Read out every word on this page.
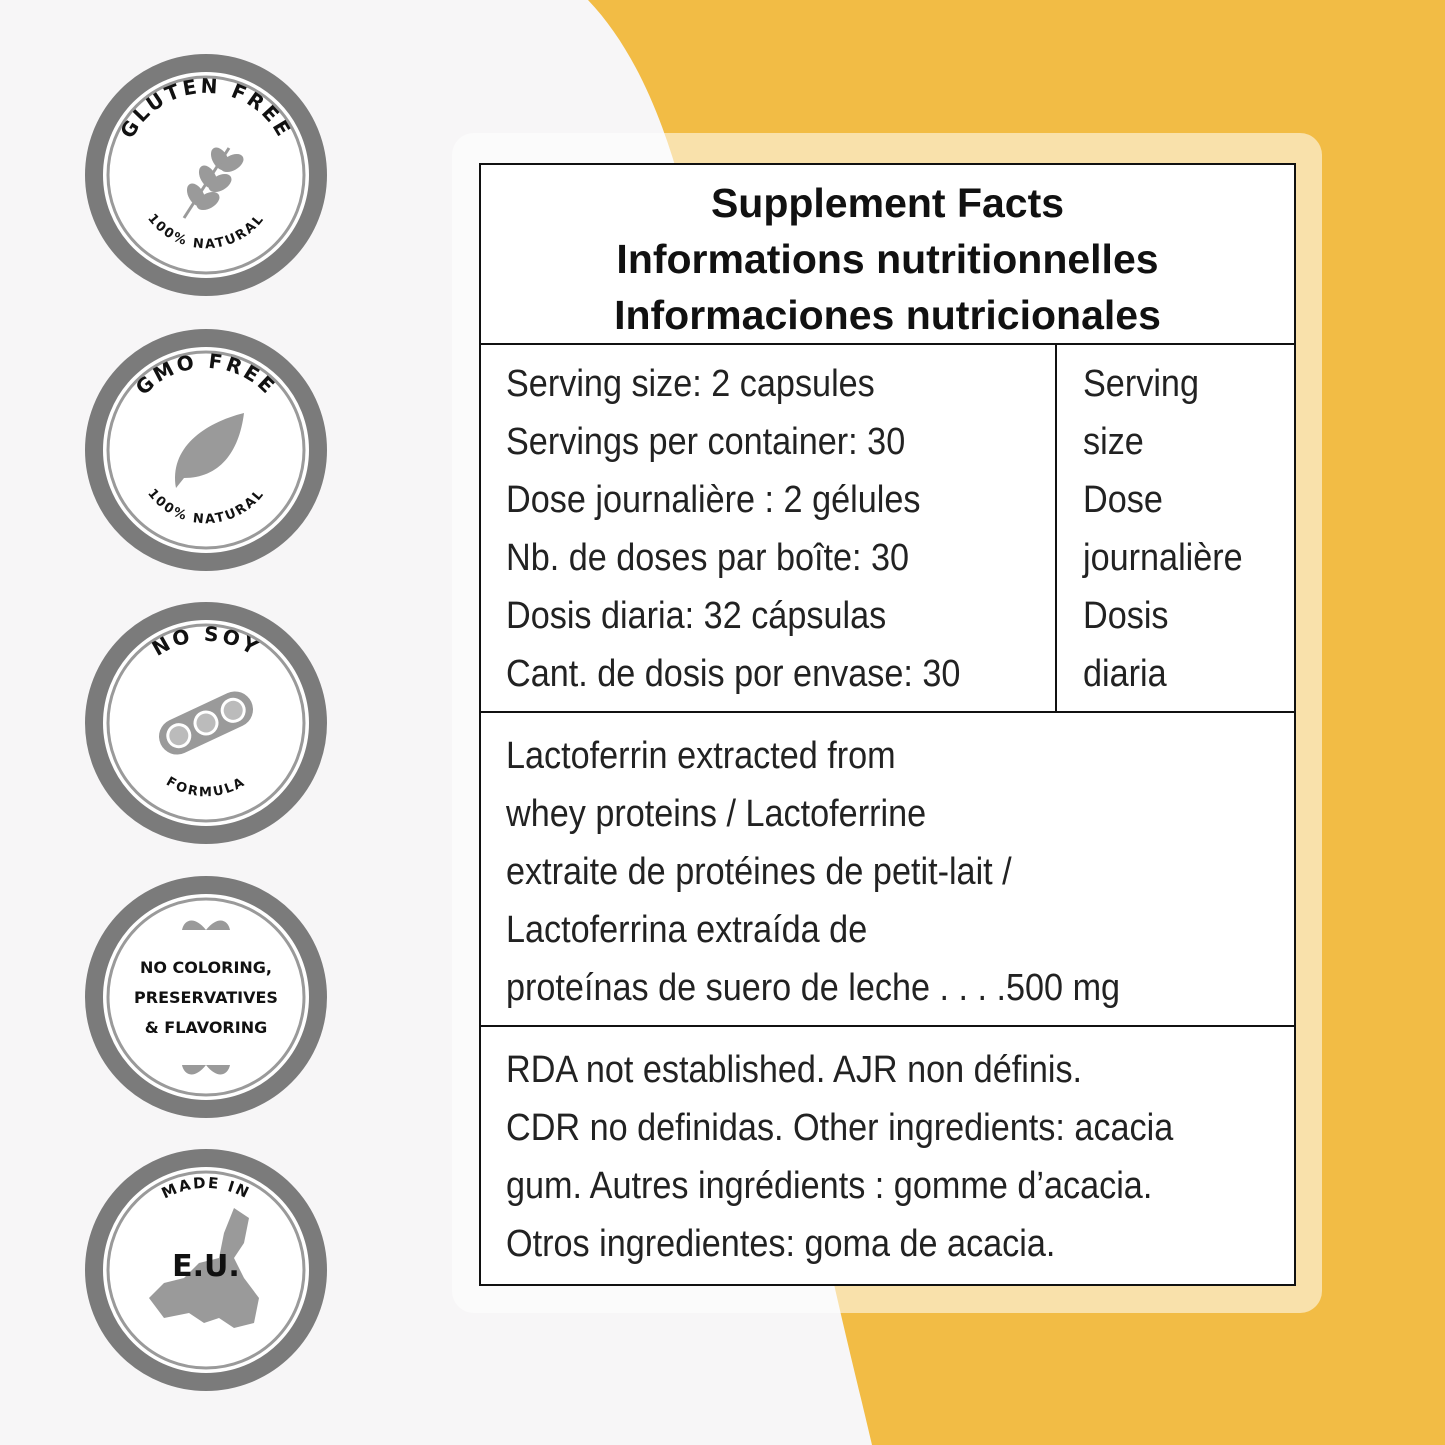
GLUTEN FREE
100% NATURAL
GMO FREE
100% NATURAL
NO SOY
FORMULA
NO COLORING,
PRESERVATIVES
& FLAVORING
MADE IN
E.U.
Supplement Facts
Informations nutritionnelles
Informaciones nutricionales
Serving size: 2 capsules
Servings per container: 30
Dose journalière : 2 gélules
Nb. de doses par boîte: 30
Dosis diaria: 32 cápsulas
Cant. de dosis por envase: 30
Serving
size
Dose
journalière
Dosis
diaria
Lactoferrin extracted from
whey proteins / Lactoferrine
extraite de protéines de petit-lait /
Lactoferrina extraída de
proteínas de suero de leche . . . .500 mg
RDA not established. AJR non définis.
CDR no definidas. Other ingredients: acacia
gum. Autres ingrédients : gomme d’acacia.
Otros ingredientes: goma de acacia.
